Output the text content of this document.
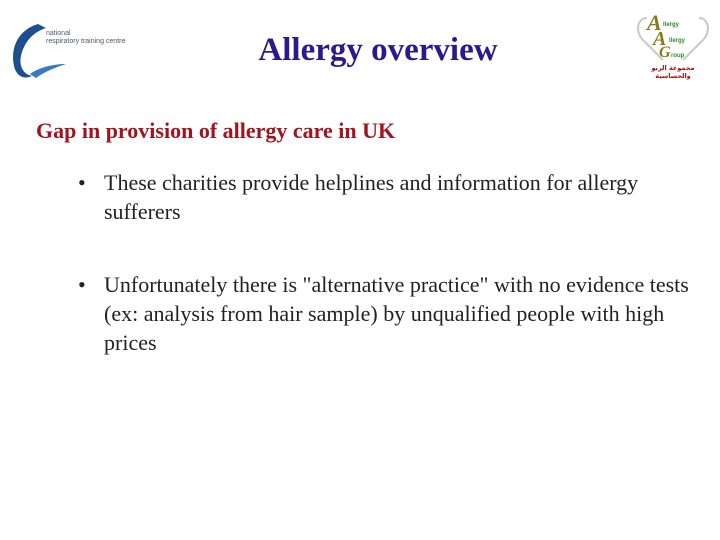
national
respiratory training centre
A llergy
A llergy
G roup
مجموعة الربو والحساسية
Allergy overview
Gap in provision of allergy care in UK
• These charities provide helplines and information for allergy sufferers
• Unfortunately there is "alternative practice" with no evidence tests (ex: analysis from hair sample) by unqualified people with high prices
